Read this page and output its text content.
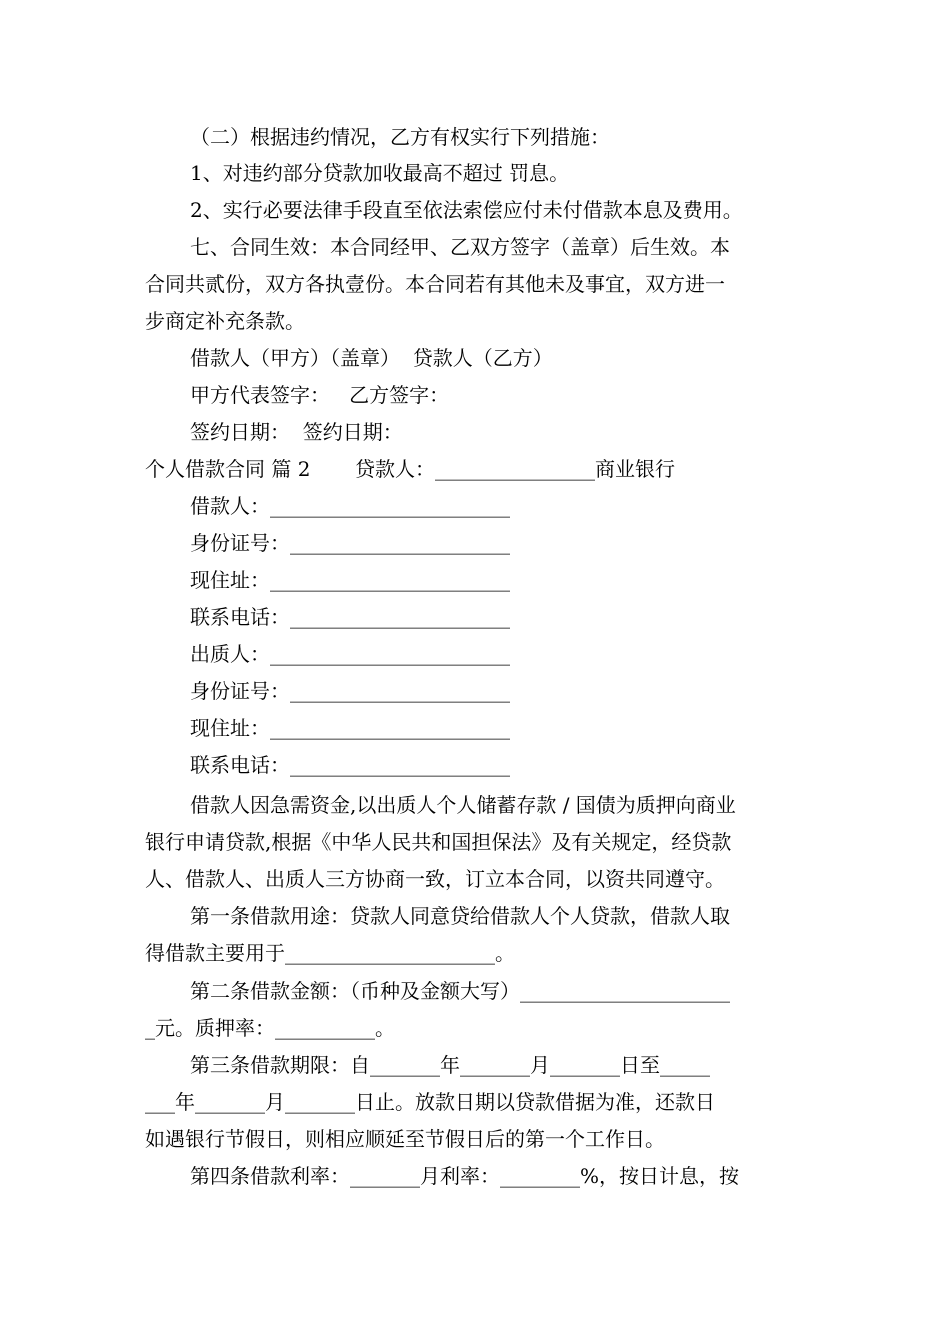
（二）根据违约情况，乙方有权实行下列措施：

1、对违约部分贷款加收最高不超过 罚息。

2、实行必要法律手段直至依法索偿应付未付借款本息及费用。

七、合同生效：本合同经甲、乙双方签字（盖章）后生效。本

合同共贰份，双方各执壹份。本合同若有其他未及事宜，双方进一

步商定补充条款。

借款人（甲方）（盖章）  贷款人（乙方）

甲方代表签字：   乙方签字：

签约日期：  签约日期：

个人借款合同 篇 2       贷款人：________________商业银行

借款人：________________________

身份证号：______________________

现住址：________________________

联系电话：______________________

出质人：________________________

身份证号：______________________

现住址：________________________

联系电话：______________________

借款人因急需资金,以出质人个人储蓄存款 / 国债为质押向商业

银行申请贷款,根据《中华人民共和国担保法》及有关规定，经贷款

人、借款人、出质人三方协商一致，订立本合同，以资共同遵守。

第一条借款用途：贷款人同意贷给借款人个人贷款，借款人取

得借款主要用于_____________________。

第二条借款金额：（币种及金额大写）_____________________

_元。质押率：__________。

第三条借款期限：自_______年_______月_______日至_____

___年_______月_______日止。放款日期以贷款借据为准，还款日

如遇银行节假日，则相应顺延至节假日后的第一个工作日。

第四条借款利率：_______月利率：________%，按日计息，按
